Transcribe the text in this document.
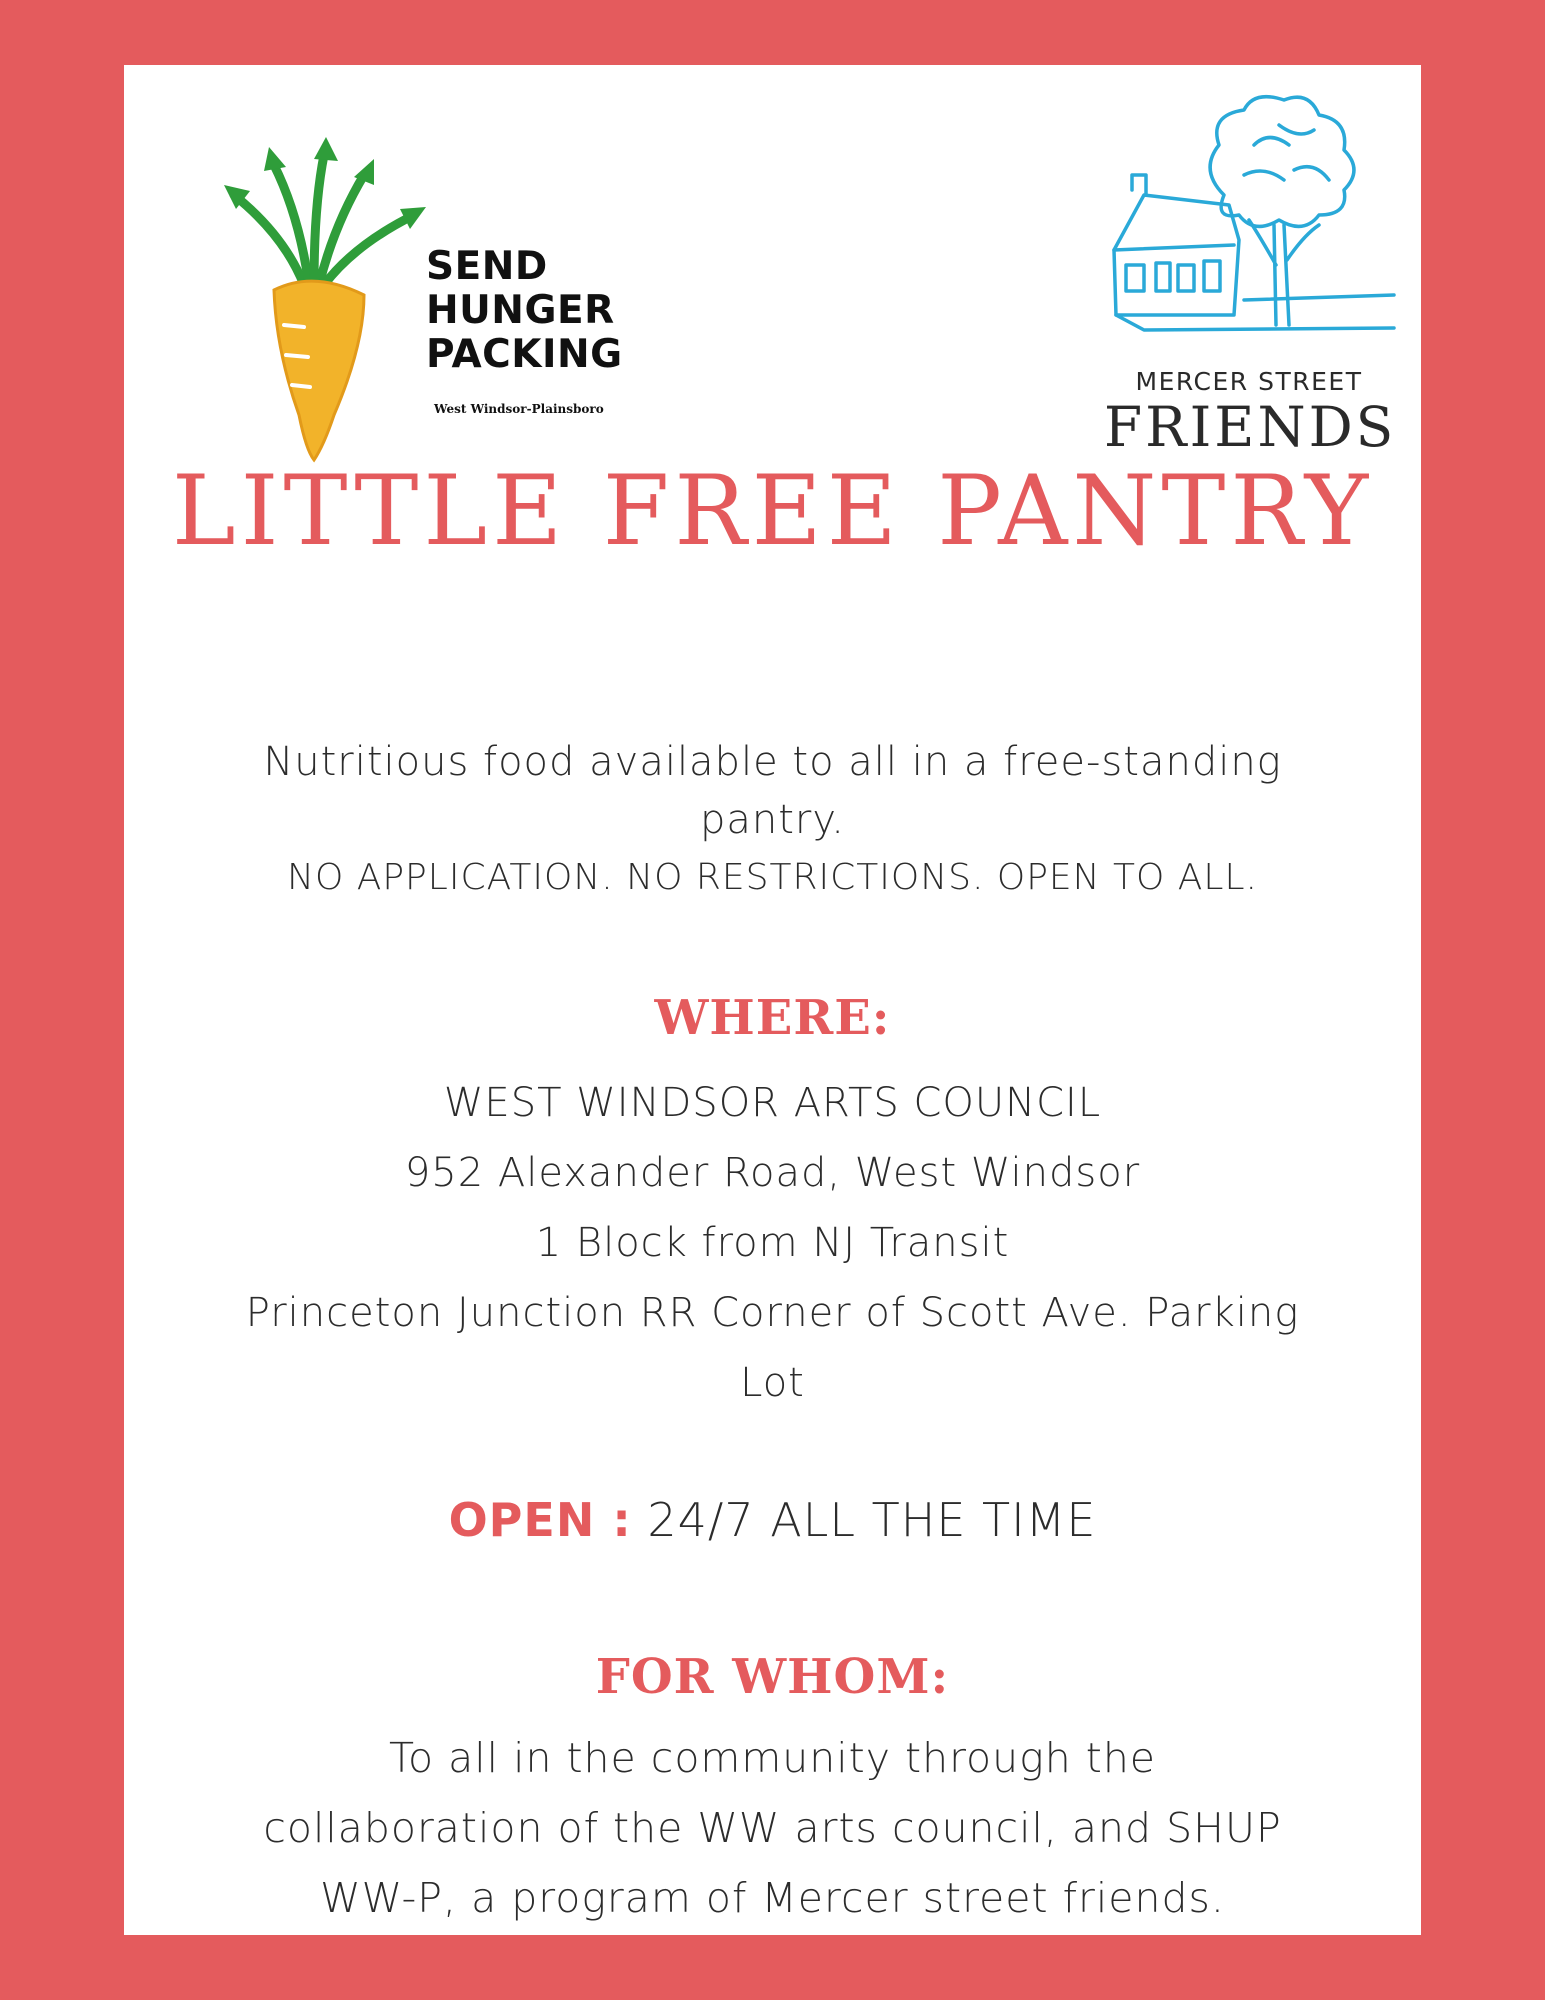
SEND
HUNGER
PACKING
West Windsor-Plainsboro
MERCER STREET
FRIENDS
LITTLE FREE PANTRY
Nutritious food available to all in a free-standing
pantry.
NO APPLICATION. NO RESTRICTIONS. OPEN TO ALL.
WHERE:
WEST WINDSOR ARTS COUNCIL
952 Alexander Road, West Windsor
1 Block from NJ Transit
Princeton Junction RR Corner of Scott Ave. Parking
Lot
OPEN : 24/7 ALL THE TIME
FOR WHOM:
To all in the community through the
collaboration of the WW arts council, and SHUP
WW-P, a program of Mercer street friends.
